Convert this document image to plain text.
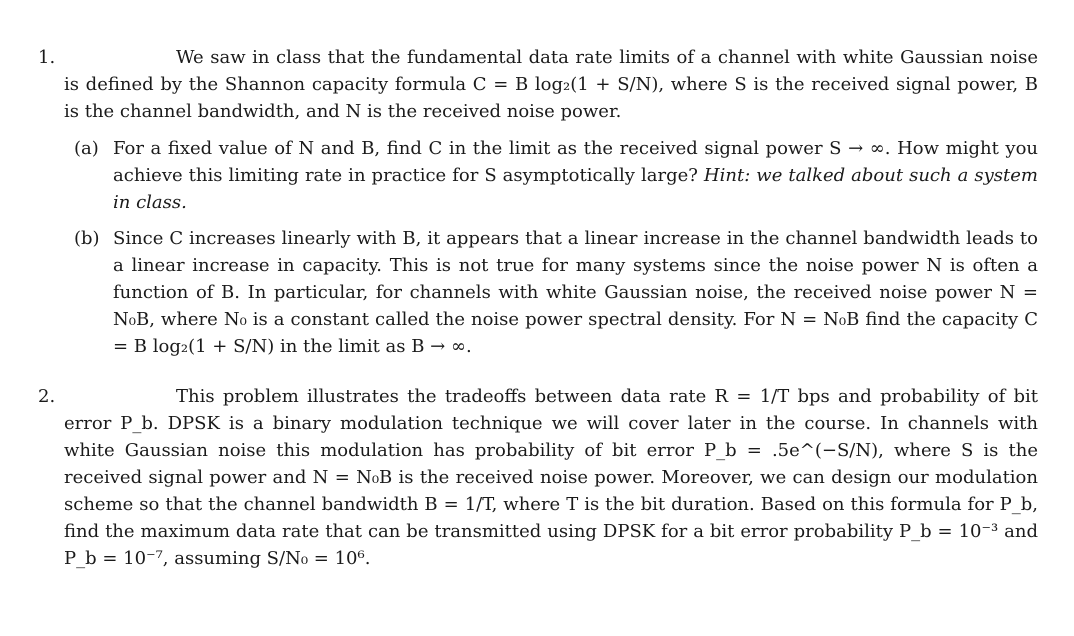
1.	We saw in class that the fundamental data rate limits of a channel with white Gaussian noise is defined by the Shannon capacity formula C = B log₂(1 + S/N), where S is the received signal power, B is the channel bandwidth, and N is the received noise power.

(a) For a fixed value of N and B, find C in the limit as the received signal power S → ∞. How might you achieve this limiting rate in practice for S asymptotically large? Hint: we talked about such a system in class.

(b) Since C increases linearly with B, it appears that a linear increase in the channel bandwidth leads to a linear increase in capacity. This is not true for many systems since the noise power N is often a function of B. In particular, for channels with white Gaussian noise, the received noise power N = N₀B, where N₀ is a constant called the noise power spectral density. For N = N₀B find the capacity C = B log₂(1 + S/N) in the limit as B → ∞.

2.	This problem illustrates the tradeoffs between data rate R = 1/T bps and probability of bit error P_b. DPSK is a binary modulation technique we will cover later in the course. In channels with white Gaussian noise this modulation has probability of bit error P_b = .5e^(−S/N), where S is the received signal power and N = N₀B is the received noise power. Moreover, we can design our modulation scheme so that the channel bandwidth B = 1/T, where T is the bit duration. Based on this formula for P_b, find the maximum data rate that can be transmitted using DPSK for a bit error probability P_b = 10⁻³ and P_b = 10⁻⁷, assuming S/N₀ = 10⁶.
